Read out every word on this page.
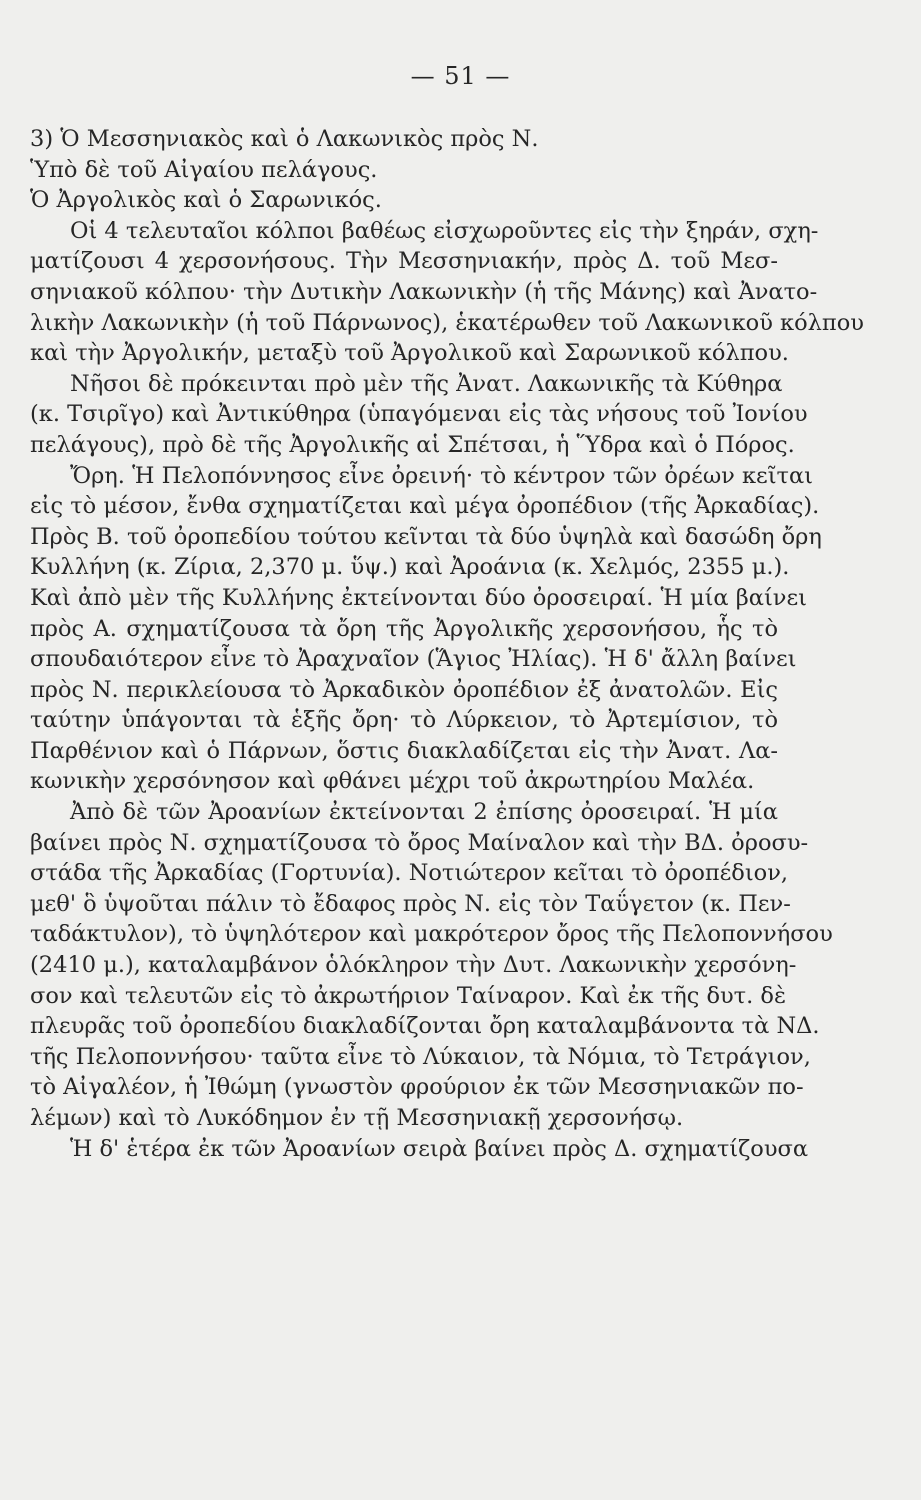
— 51 —
3) Ὁ Μεσσηνιακὸς καὶ ὁ Λακωνικὸς πρὸς Ν.
Ὑπὸ δὲ τοῦ Αἰγαίου πελάγους.
Ὁ Ἀργολικὸς καὶ ὁ Σαρωνικός.
Οἱ 4 τελευταῖοι κόλποι βαθέως εἰσχωροῦντες εἰς τὴν ξηράν, σχη-
ματίζουσι 4 χερσονήσους. Τὴν Μεσσηνιακήν, πρὸς Δ. τοῦ Μεσ-
σηνιακοῦ κόλπου· τὴν Δυτικὴν Λακωνικὴν (ἡ τῆς Μάνης) καὶ Ἀνατο-
λικὴν Λακωνικὴν (ἡ τοῦ Πάρνωνος), ἑκατέρωθεν τοῦ Λακωνικοῦ κόλπου
καὶ τὴν Ἀργολικήν, μεταξὺ τοῦ Ἀργολικοῦ καὶ Σαρωνικοῦ κόλπου.
Νῆσοι δὲ πρόκεινται πρὸ μὲν τῆς Ἀνατ. Λακωνικῆς τὰ Κύθηρα
(κ. Τσιρῖγο) καὶ Ἀντικύθηρα (ὑπαγόμεναι εἰς τὰς νήσους τοῦ Ἰονίου
πελάγους), πρὸ δὲ τῆς Ἀργολικῆς αἱ Σπέτσαι, ἡ Ὕδρα καὶ ὁ Πόρος.
Ὄρη. Ἡ Πελοπόννησος εἶνε ὀρεινή· τὸ κέντρον τῶν ὀρέων κεῖται
εἰς τὸ μέσον, ἔνθα σχηματίζεται καὶ μέγα ὀροπέδιον (τῆς Ἀρκαδίας).
Πρὸς Β. τοῦ ὀροπεδίου τούτου κεῖνται τὰ δύο ὑψηλὰ καὶ δασώδη ὄρη
Κυλλήνη (κ. Ζίρια, 2,370 μ. ὕψ.) καὶ Ἀροάνια (κ. Χελμός, 2355 μ.).
Καὶ ἀπὸ μὲν τῆς Κυλλήνης ἐκτείνονται δύο ὀροσειραί. Ἡ μία βαίνει
πρὸς Α. σχηματίζουσα τὰ ὄρη τῆς Ἀργολικῆς χερσονήσου, ἧς τὸ
σπουδαιότερον εἶνε τὸ Ἀραχναῖον (Ἅγιος Ἠλίας). Ἡ δ' ἄλλη βαίνει
πρὸς Ν. περικλείουσα τὸ Ἀρκαδικὸν ὀροπέδιον ἐξ ἀνατολῶν. Εἰς
ταύτην ὑπάγονται τὰ ἑξῆς ὄρη· τὸ Λύρκειον, τὸ Ἀρτεμίσιον, τὸ
Παρθένιον καὶ ὁ Πάρνων, ὅστις διακλαδίζεται εἰς τὴν Ἀνατ. Λα-
κωνικὴν χερσόνησον καὶ φθάνει μέχρι τοῦ ἀκρωτηρίου Μαλέα.
Ἀπὸ δὲ τῶν Ἀροανίων ἐκτείνονται 2 ἐπίσης ὀροσειραί. Ἡ μία
βαίνει πρὸς Ν. σχηματίζουσα τὸ ὄρος Μαίναλον καὶ τὴν ΒΔ. ὀροσυ-
στάδα τῆς Ἀρκαδίας (Γορτυνία). Νοτιώτερον κεῖται τὸ ὀροπέδιον,
μεθ' ὃ ὑψοῦται πάλιν τὸ ἔδαφος πρὸς Ν. εἰς τὸν Ταΰγετον (κ. Πεν-
ταδάκτυλον), τὸ ὑψηλότερον καὶ μακρότερον ὄρος τῆς Πελοποννήσου
(2410 μ.), καταλαμβάνον ὁλόκληρον τὴν Δυτ. Λακωνικὴν χερσόνη-
σον καὶ τελευτῶν εἰς τὸ ἀκρωτήριον Ταίναρον. Καὶ ἐκ τῆς δυτ. δὲ
πλευρᾶς τοῦ ὀροπεδίου διακλαδίζονται ὄρη καταλαμβάνοντα τὰ ΝΔ.
τῆς Πελοποννήσου· ταῦτα εἶνε τὸ Λύκαιον, τὰ Νόμια, τὸ Τετράγιον,
τὸ Αἰγαλέον, ἡ Ἰθώμη (γνωστὸν φρούριον ἐκ τῶν Μεσσηνιακῶν πο-
λέμων) καὶ τὸ Λυκόδημον ἐν τῇ Μεσσηνιακῇ χερσονήσῳ.
Ἡ δ' ἑτέρα ἐκ τῶν Ἀροανίων σειρὰ βαίνει πρὸς Δ. σχηματίζουσα
